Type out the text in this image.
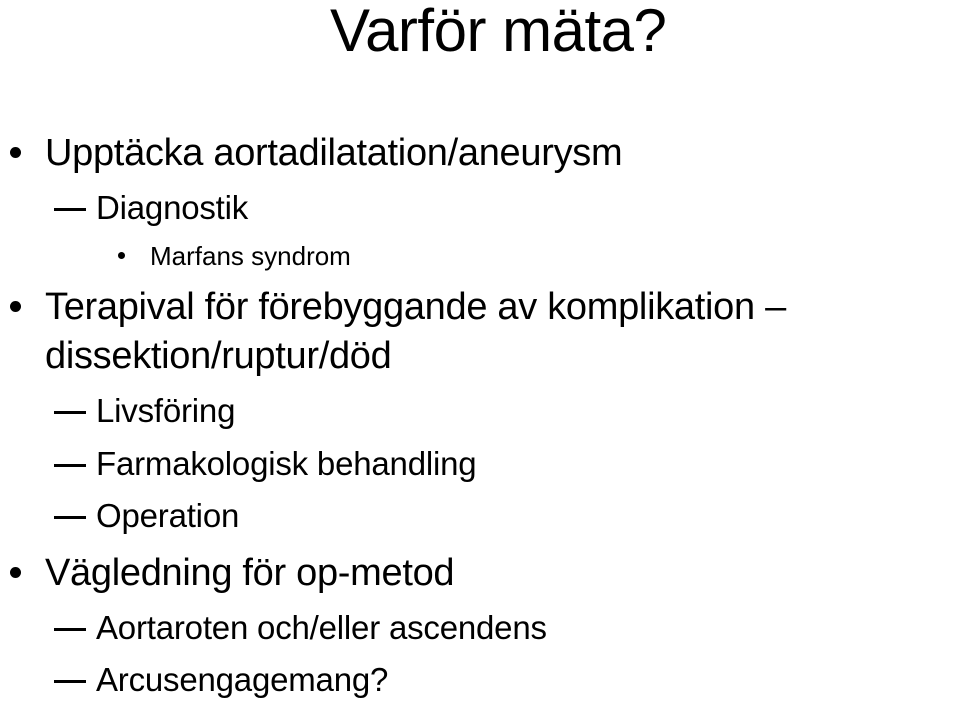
Varför mäta?
Upptäcka aortadilatation/aneurysm
Diagnostik
Marfans syndrom
Terapival för förebyggande av komplikation –
dissektion/ruptur/död
Livsföring
Farmakologisk behandling
Operation
Vägledning för op-metod
Aortaroten och/eller ascendens
Arcusengagemang?
